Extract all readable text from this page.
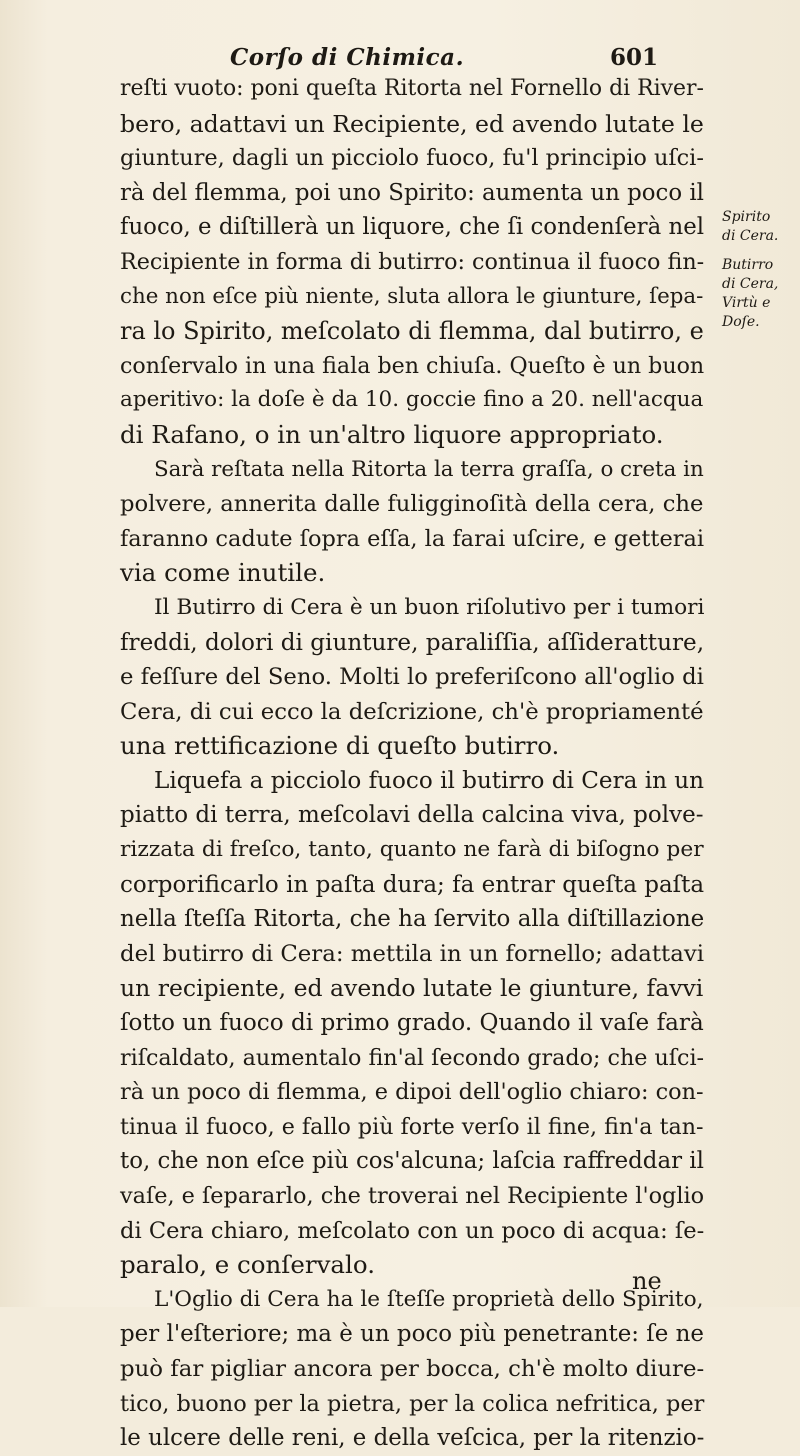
Corſo di Chimica.	601
reſti vuoto: poni queſta Ritorta nel Fornello di River-
bero, adattavi un Recipiente, ed avendo lutate le
giunture, dagli un picciolo fuoco, fu'l principio uſci-
rà del flemma, poi uno Spirito: aumenta un poco il
fuoco, e diſtillerà un liquore, che ſi condenſerà nel
Recipiente in forma di butirro: continua il fuoco fin-
che non eſce più niente, sluta allora le giunture, ſepa-
ra lo Spirito, meſcolato di flemma, dal butirro, e
conſervalo in una fiala ben chiuſa. Queſto è un buon
aperitivo: la doſe è da 10. goccie fino a 20. nell'acqua
di Rafano, o in un'altro liquore appropriato.
Sarà reſtata nella Ritorta la terra graſſa, o creta in
polvere, annerita dalle fuligginoſità della cera, che
faranno cadute ſopra eſſa, la farai uſcire, e getterai
via come inutile.
Il Butirro di Cera è un buon riſolutivo per i tumori
freddi, dolori di giunture, paraliſſia, aſſideratture,
e feſſure del Seno. Molti lo preferiſcono all'oglio di
Cera, di cui ecco la deſcrizione, ch'è propriamenté
una rettificazione di queſto butirro.
Liquefa a picciolo fuoco il butirro di Cera in un
piatto di terra, meſcolavi della calcina viva, polve-
rizzata di freſco, tanto, quanto ne farà di biſogno per
corporificarlo in paſta dura; fa entrar queſta paſta
nella ſteſſa Ritorta, che ha ſervito alla diſtillazione
del butirro di Cera: mettila in un fornello; adattavi
un recipiente, ed avendo lutate le giunture, favvi
ſotto un fuoco di primo grado. Quando il vaſe farà
riſcaldato, aumentalo fin'al ſecondo grado; che uſci-
rà un poco di flemma, e dipoi dell'oglio chiaro: con-
tinua il fuoco, e fallo più forte verſo il fine, fin'a tan-
to, che non eſce più cos'alcuna; laſcia raffreddar il
vaſe, e ſepararlo, che troverai nel Recipiente l'oglio
di Cera chiaro, meſcolato con un poco di acqua: ſe-
paralo, e conſervalo.
L'Oglio di Cera ha le ſteſſe proprietà dello Spirito,
per l'eſteriore; ma è un poco più penetrante: ſe ne
può far pigliar ancora per bocca, ch'è molto diure-
tico, buono per la pietra, per la colica nefritica, per
le ulcere delle reni, e della veſcica, per la ritenzio-
Spirito
di Cera.
Butirro
di Cera,
Virtù e
Doſe.
ne
